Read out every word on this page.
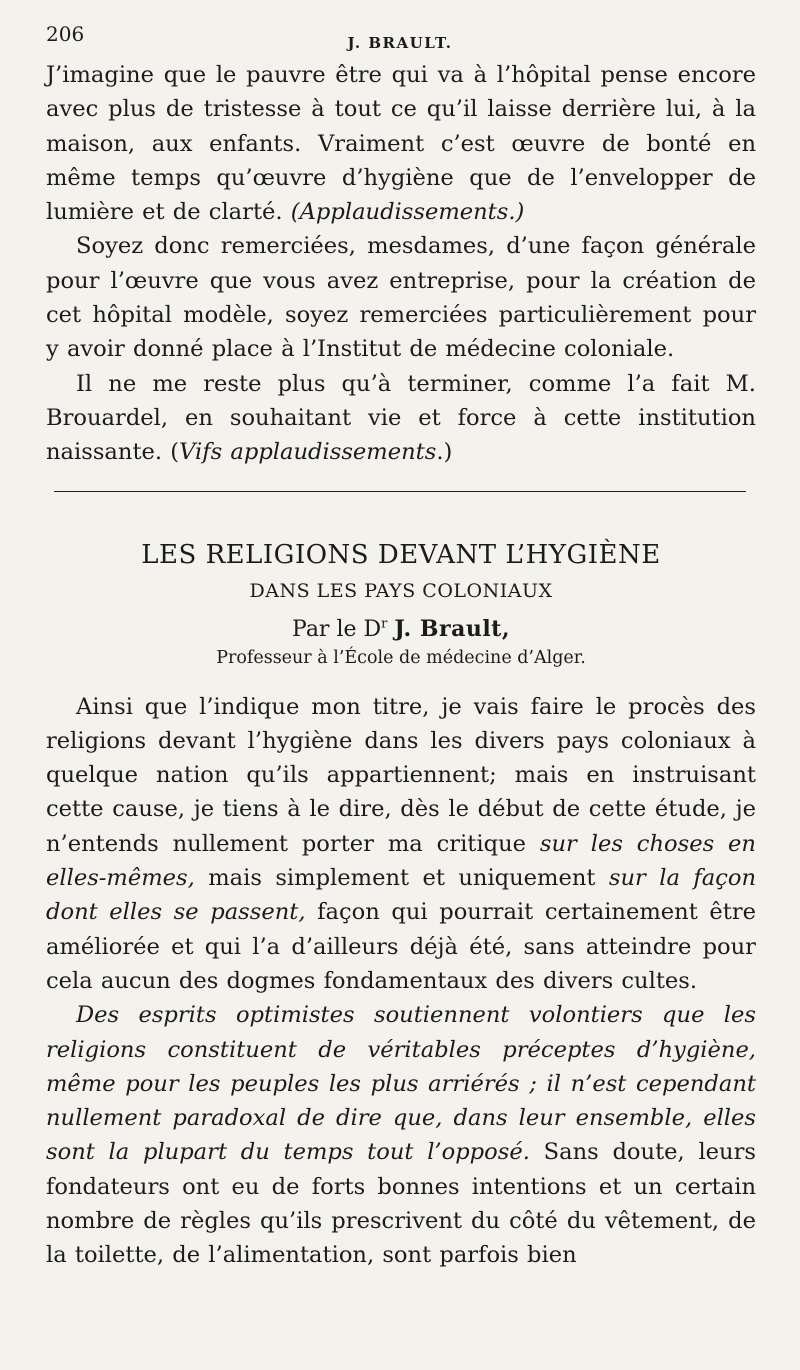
206	J. BRAULT.

J’imagine que le pauvre être qui va à l’hôpital pense encore avec plus de tristesse à tout ce qu’il laisse derrière lui, à la maison, aux enfants. Vraiment c’est œuvre de bonté en même temps qu’œuvre d’hygiène que de l’envelopper de lumière et de clarté. (Applaudissements.)

Soyez donc remerciées, mesdames, d’une façon générale pour l’œuvre que vous avez entreprise, pour la création de cet hôpital modèle, soyez remerciées particulièrement pour y avoir donné place à l’Institut de médecine coloniale.

Il ne me reste plus qu’à terminer, comme l’a fait M. Brouardel, en souhaitant vie et force à cette institution naissante. (Vifs applaudissements.)

LES RELIGIONS DEVANT L’HYGIÈNE
DANS LES PAYS COLONIAUX
Par le $D^r$ J. Brault,
Professeur à l’École de médecine d’Alger.

Ainsi que l’indique mon titre, je vais faire le procès des religions devant l’hygiène dans les divers pays coloniaux à quelque nation qu’ils appartiennent; mais en instruisant cette cause, je tiens à le dire, dès le début de cette étude, je n’entends nullement porter ma critique sur les choses en elles-mêmes, mais simplement et uniquement sur la façon dont elles se passent, façon qui pourrait certainement être améliorée et qui l’a d’ailleurs déjà été, sans atteindre pour cela aucun des dogmes fondamentaux des divers cultes.

Des esprits optimistes soutiennent volontiers que les religions constituent de véritables préceptes d’hygiène, même pour les peuples les plus arriérés ; il n’est cependant nullement paradoxal de dire que, dans leur ensemble, elles sont la plupart du temps tout l’opposé. Sans doute, leurs fondateurs ont eu de forts bonnes intentions et un certain nombre de règles qu’ils prescrivent du côté du vêtement, de la toilette, de l’alimentation, sont parfois bien
